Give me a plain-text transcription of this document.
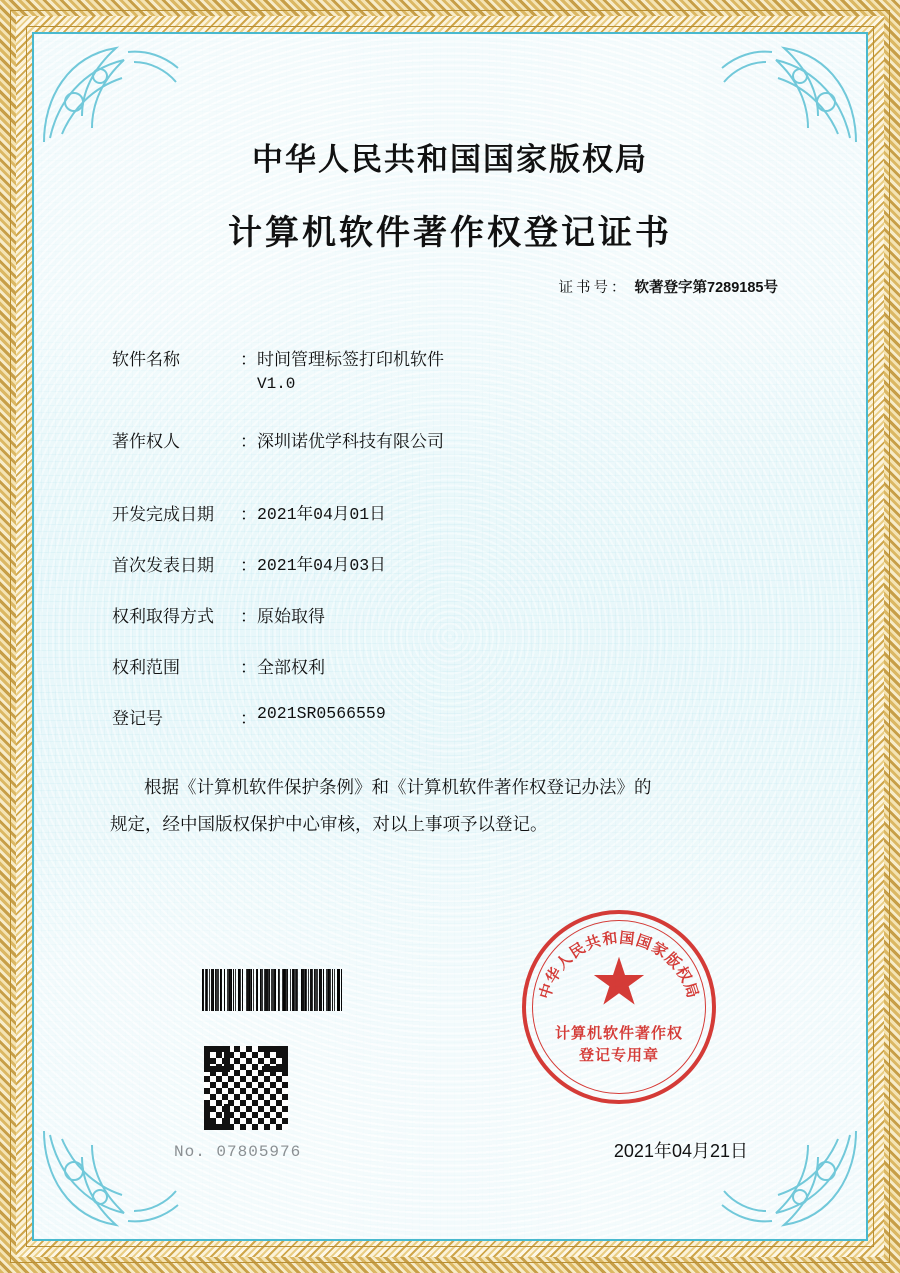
中华人民共和国国家版权局
计算机软件著作权登记证书
证书号： 软著登字第7289185号
软件名称	： 时间管理标签打印机软件
V1.0
著作权人	： 深圳诺优学科技有限公司
开发完成日期	： 2021年04月01日
首次发表日期	： 2021年04月03日
权利取得方式	： 原始取得
权利范围	： 全部权利
登记号	： 2021SR0566559
根据《计算机软件保护条例》和《计算机软件著作权登记办法》的
规定，经中国版权保护中心审核，对以上事项予以登记。
中华人民共和国国家版权局
★
计算机软件著作权
登记专用章
No. 07805976	2021年04月21日
